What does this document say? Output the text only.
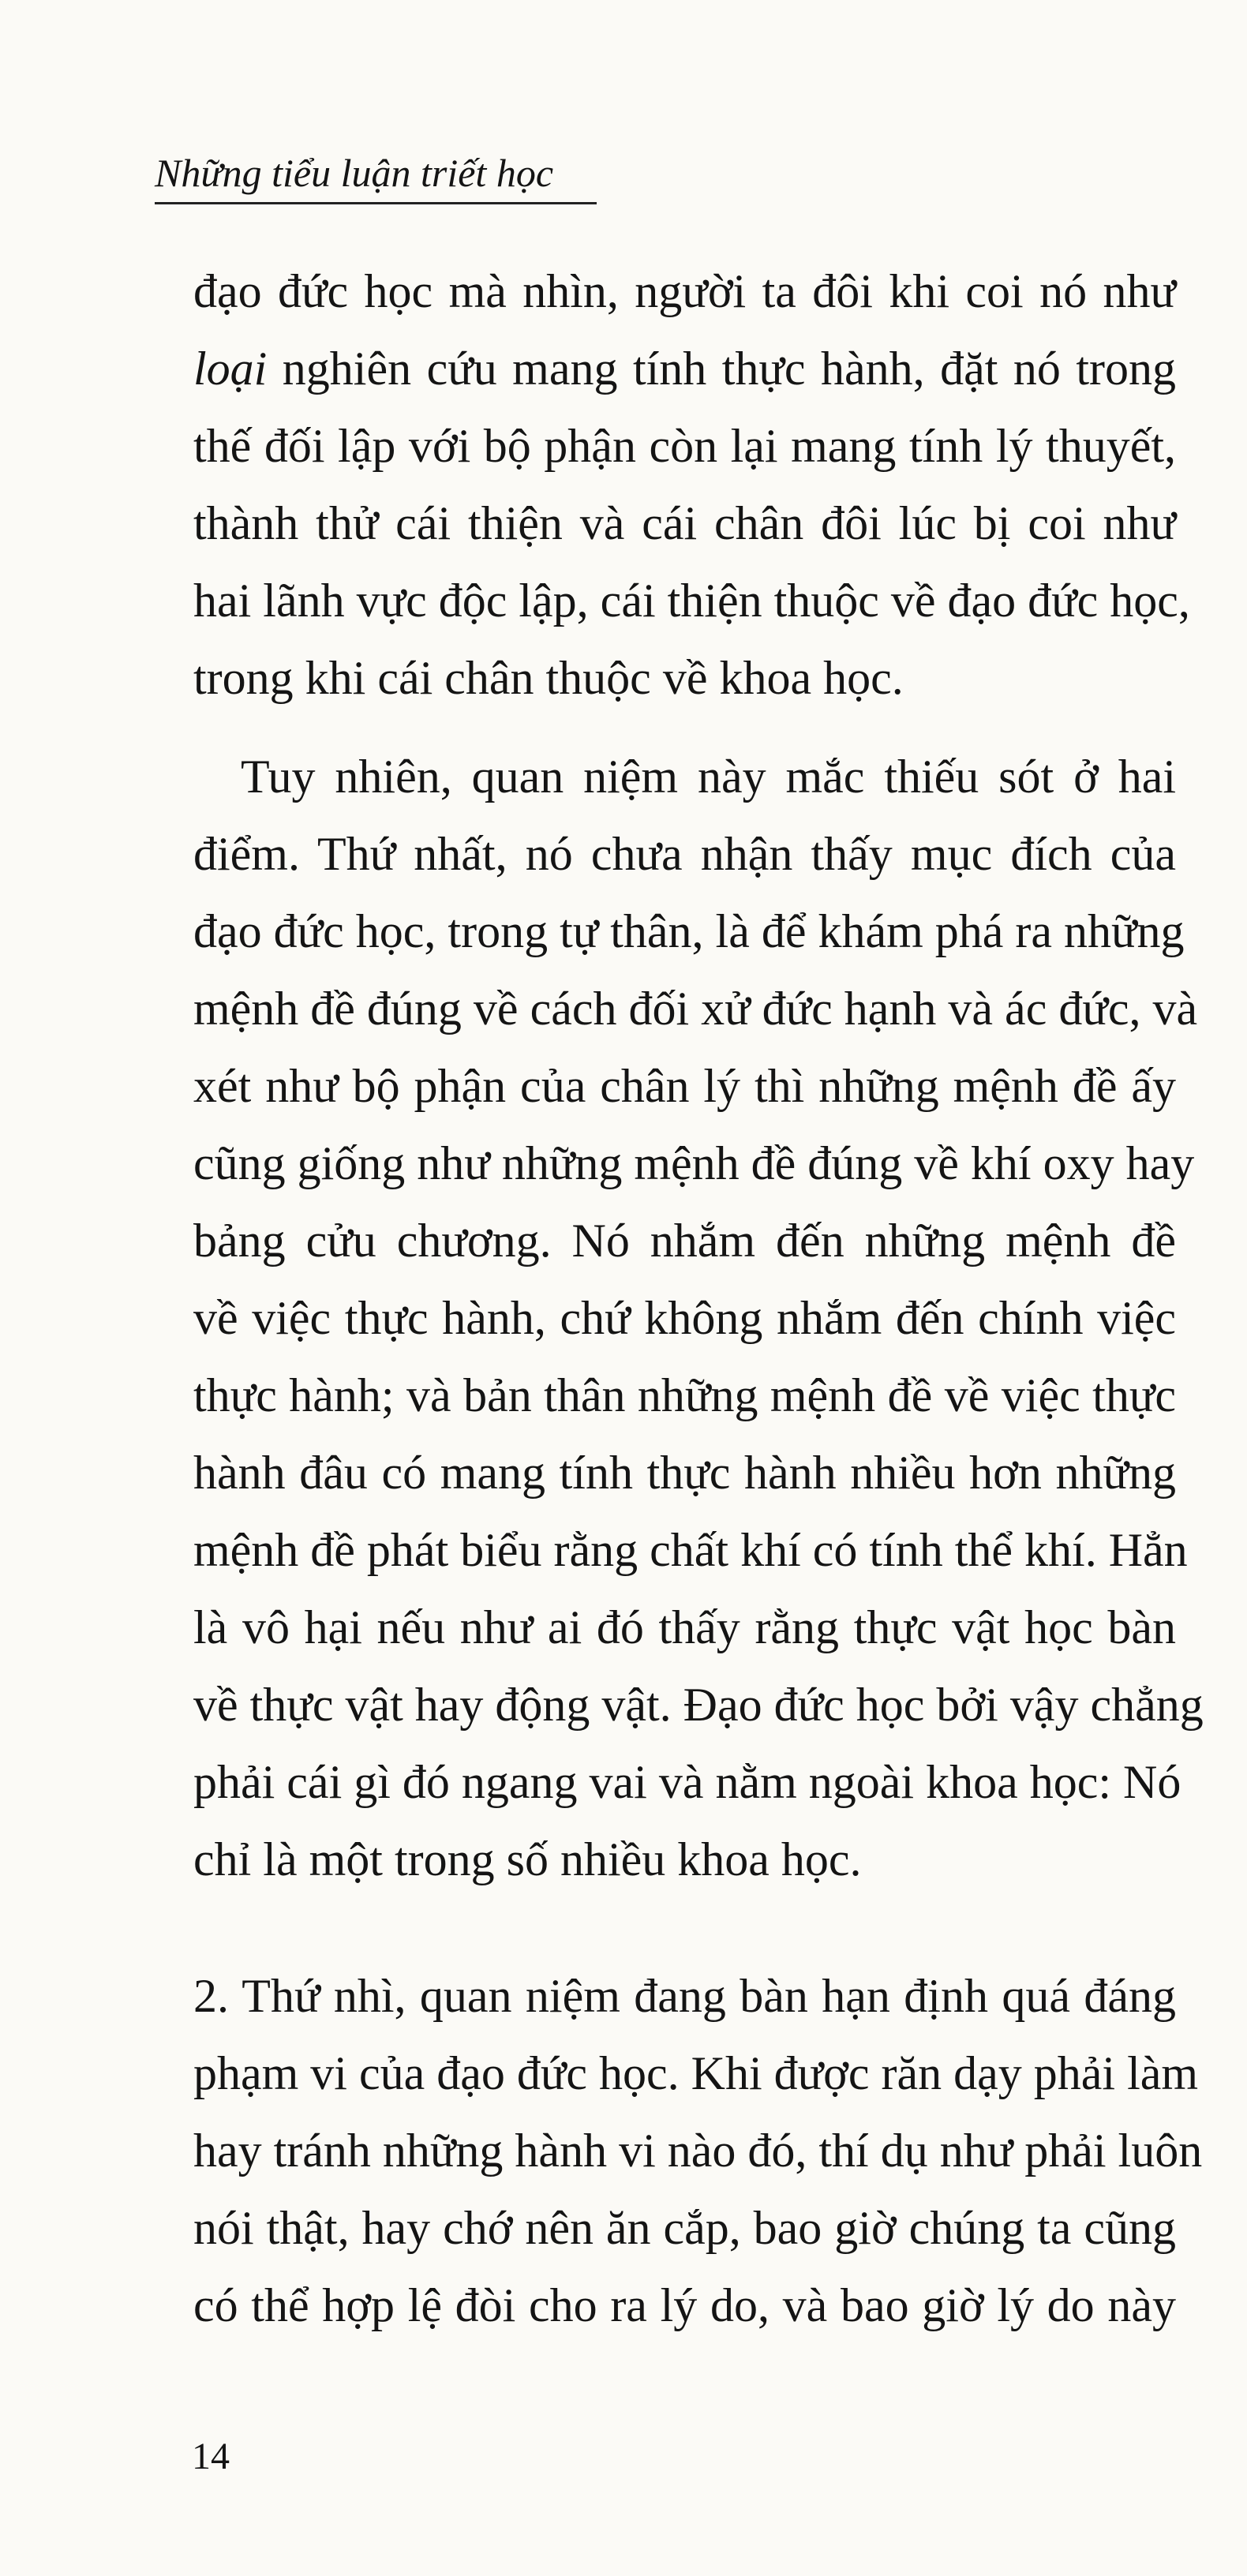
Những tiểu luận triết học
đạo đức học mà nhìn, người ta đôi khi coi nó như
loại nghiên cứu mang tính thực hành, đặt nó trong
thế đối lập với bộ phận còn lại mang tính lý thuyết,
thành thử cái thiện và cái chân đôi lúc bị coi như
hai lãnh vực độc lập, cái thiện thuộc về đạo đức học,
trong khi cái chân thuộc về khoa học.
Tuy nhiên, quan niệm này mắc thiếu sót ở hai
điểm. Thứ nhất, nó chưa nhận thấy mục đích của
đạo đức học, trong tự thân, là để khám phá ra những
mệnh đề đúng về cách đối xử đức hạnh và ác đức, và
xét như bộ phận của chân lý thì những mệnh đề ấy
cũng giống như những mệnh đề đúng về khí oxy hay
bảng cửu chương. Nó nhắm đến những mệnh đề
về việc thực hành, chứ không nhắm đến chính việc
thực hành; và bản thân những mệnh đề về việc thực
hành đâu có mang tính thực hành nhiều hơn những
mệnh đề phát biểu rằng chất khí có tính thể khí. Hẳn
là vô hại nếu như ai đó thấy rằng thực vật học bàn
về thực vật hay động vật. Đạo đức học bởi vậy chẳng
phải cái gì đó ngang vai và nằm ngoài khoa học: Nó
chỉ là một trong số nhiều khoa học.
2. Thứ nhì, quan niệm đang bàn hạn định quá đáng
phạm vi của đạo đức học. Khi được răn dạy phải làm
hay tránh những hành vi nào đó, thí dụ như phải luôn
nói thật, hay chớ nên ăn cắp, bao giờ chúng ta cũng
có thể hợp lệ đòi cho ra lý do, và bao giờ lý do này
14
